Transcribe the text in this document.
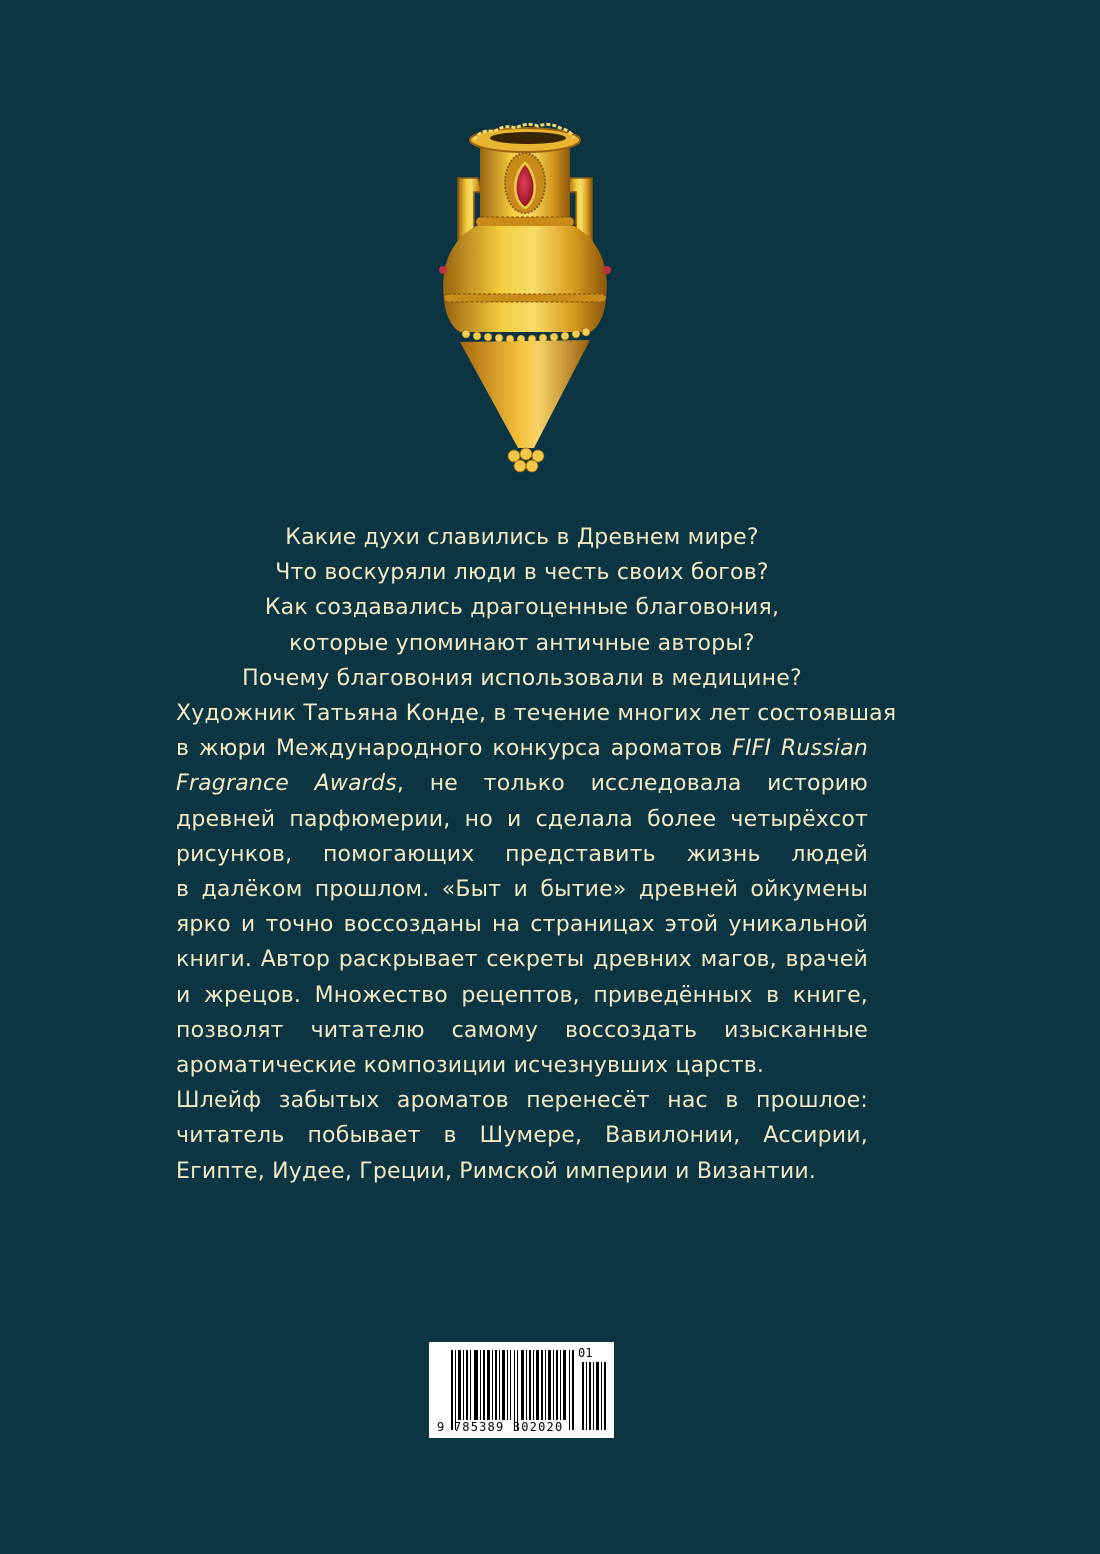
Какие духи славились в Древнем мире?
Что воскуряли люди в честь своих богов?
Как создавались драгоценные благовония,
которые упоминают античные авторы?
Почему благовония использовали в медицине?
Художник Татьяна Конде, в течение многих лет состоявшая
в жюри Международного конкурса ароматов FIFI Russian
Fragrance Awards, не только исследовала историю
древней парфюмерии, но и сделала более четырёхсот
рисунков, помогающих представить жизнь людей
в далёком прошлом. «Быт и бытие» древней ойкумены
ярко и точно воссозданы на страницах этой уникальной
книги. Автор раскрывает секреты древних магов, врачей
и жрецов. Множество рецептов, приведённых в книге,
позволят читателю самому воссоздать изысканные
ароматические композиции исчезнувших царств.
Шлейф забытых ароматов перенесёт нас в прошлое:
читатель побывает в Шумере, Вавилонии, Ассирии,
Египте, Иудее, Греции, Римской империи и Византии.
9 785389 302020
01
